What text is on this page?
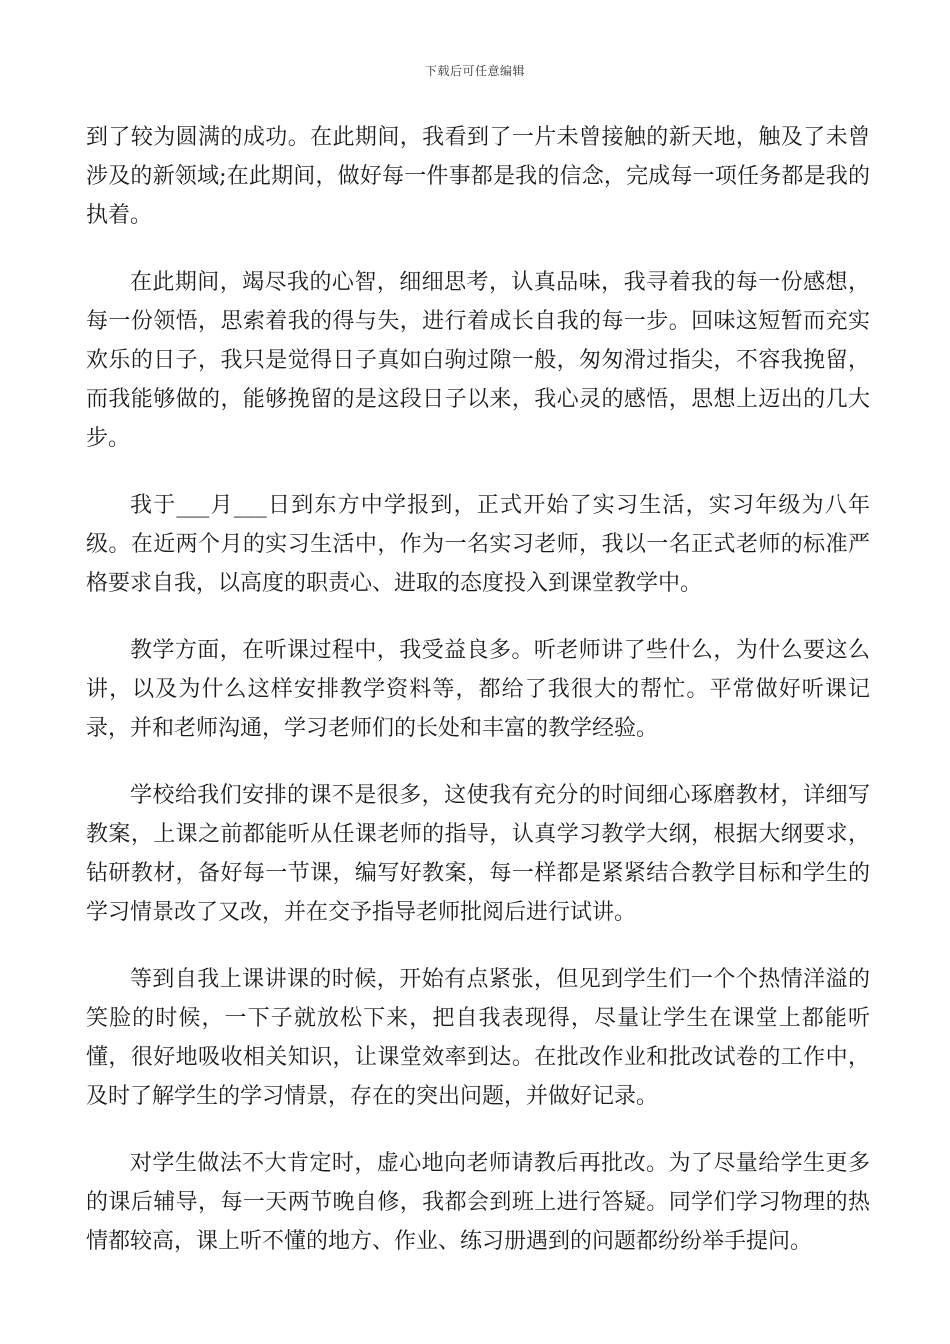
下载后可任意编辑

到了较为圆满的成功。在此期间，我看到了一片未曾接触的新天地，触及了未曾涉及的新领域;在此期间，做好每一件事都是我的信念，完成每一项任务都是我的执着。

在此期间，竭尽我的心智，细细思考，认真品味，我寻着我的每一份感想，每一份领悟，思索着我的得与失，进行着成长自我的每一步。回味这短暂而充实欢乐的日子，我只是觉得日子真如白驹过隙一般，匆匆滑过指尖，不容我挽留，而我能够做的，能够挽留的是这段日子以来，我心灵的感悟，思想上迈出的几大步。

我于___月___日到东方中学报到，正式开始了实习生活，实习年级为八年级。在近两个月的实习生活中，作为一名实习老师，我以一名正式老师的标准严格要求自我，以高度的职责心、进取的态度投入到课堂教学中。

教学方面，在听课过程中，我受益良多。听老师讲了些什么，为什么要这么讲，以及为什么这样安排教学资料等，都给了我很大的帮忙。平常做好听课记录，并和老师沟通，学习老师们的长处和丰富的教学经验。

学校给我们安排的课不是很多，这使我有充分的时间细心琢磨教材，详细写教案，上课之前都能听从任课老师的指导，认真学习教学大纲，根据大纲要求，钻研教材，备好每一节课，编写好教案，每一样都是紧紧结合教学目标和学生的学习情景改了又改，并在交予指导老师批阅后进行试讲。

等到自我上课讲课的时候，开始有点紧张，但见到学生们一个个热情洋溢的笑脸的时候，一下子就放松下来，把自我表现得，尽量让学生在课堂上都能听懂，很好地吸收相关知识，让课堂效率到达。在批改作业和批改试卷的工作中，及时了解学生的学习情景，存在的突出问题，并做好记录。

对学生做法不大肯定时，虚心地向老师请教后再批改。为了尽量给学生更多的课后辅导，每一天两节晚自修，我都会到班上进行答疑。同学们学习物理的热情都较高，课上听不懂的地方、作业、练习册遇到的问题都纷纷举手提问。
